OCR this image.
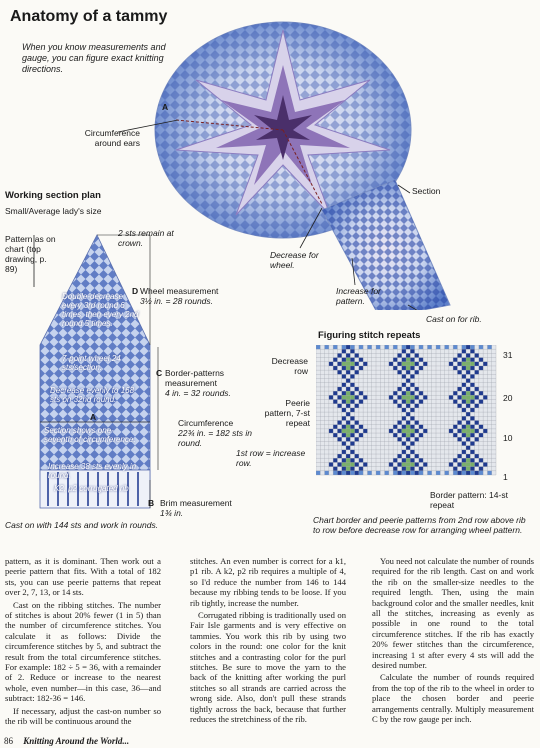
Anatomy of a tammy
When you know measurements and gauge, you can figure exact knitting directions.
A
Circumference around ears
Section
Decrease for wheel.
Increase for pattern.
Cast on for rib.
Working section plan
Small/Average lady's size
Pattern as on chart (top drawing, p. 89)
2 sts remain at crown.
Double-decrease every 3rd round 6 times, then every 2nd round 5 times.
D Wheel measurement
3½ in. = 28 rounds.
7-point wheel 24 sts/section.
Decrease evenly to 168 sts on 32nd round.
A
Section shows one-seventh of circumference.
Increase 38 sts evenly in round.
K2, p2 corrugated rib
Cast on with 144 sts and work in rounds.
C Border-patterns measurement
4 in. = 32 rounds.
Circumference
22¾ in. = 182 sts in round.
B Brim measurement
1¾ in.
Figuring stitch repeats
Decrease row
Peerie pattern, 7-st repeat
1st row = increase row.
Border pattern: 14-st repeat
31
20
10
1
Chart border and peerie patterns from 2nd row above rib to row before decrease row for arranging wheel pattern.

pattern, as it is dominant. Then work out a peerie pattern that fits. With a total of 182 sts, you can use peerie patterns that repeat over 2, 7, 13, or 14 sts.

Cast on the ribbing stitches. The number of stitches is about 20% fewer (1 in 5) than the number of circumference stitches. You calculate it as follows: Divide the circumference stitches by 5, and subtract the result from the total circumference stitches. For example: 182 ÷ 5 = 36, with a remainder of 2. Reduce or increase to the nearest whole, even number—in this case, 36—and subtract: 182-36 = 146.

If necessary, adjust the cast-on number so the rib will be continuous around the

stitches. An even number is correct for a k1, p1 rib. A k2, p2 rib requires a multiple of 4, so I'd reduce the number from 146 to 144 because my ribbing tends to be loose. If you rib tightly, increase the number.

Corrugated ribbing is traditionally used on Fair Isle garments and is very effective on tammies. You work this rib by using two colors in the round: one color for the knit stitches and a contrasting color for the purl stitches. Be sure to move the yarn to the back of the knitting after working the purl stitches so all strands are carried across the wrong side. Also, don't pull these strands tightly across the back, because that further reduces the stretchiness of the rib.

You need not calculate the number of rounds required for the rib length. Cast on and work the rib on the smaller-size needles to the required length. Then, using the main background color and the smaller needles, knit all the stitches, increasing as evenly as possible in one round to the total circumference stitches. If the rib has exactly 20% fewer stitches than the circumference, increasing 1 st after every 4 sts will add the desired number.

Calculate the number of rounds required from the top of the rib to the wheel in order to place the chosen border and peerie arrangements centrally. Multiply measurement C by the row gauge per inch.

86 Knitting Around the World...
